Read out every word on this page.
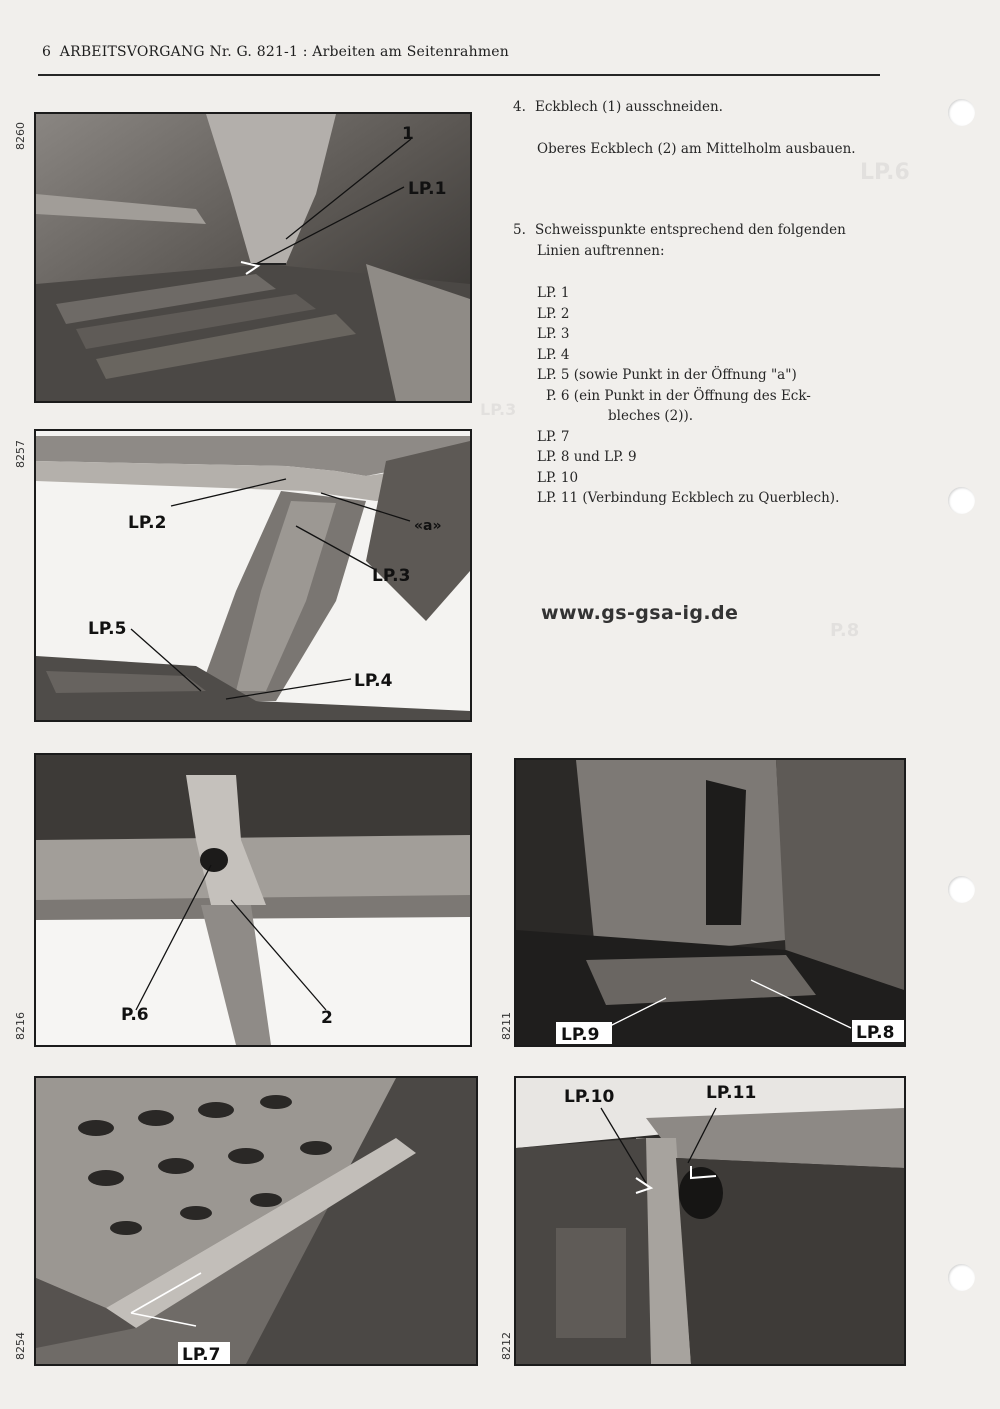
6 ARBEITSVORGANG Nr. G. 821-1 : Arbeiten am Seitenrahmen
LP.6
LP.3
P.8
8260	1
LP.1
8257
LP.2	«a»
LP.3
LP.5
LP.4
8216	P.6	2	8211	LP.9	LP.8
8254	LP.7	8212
LP.10	LP.11
4. Eckblech (1) ausschneiden.
Oberes Eckblech (2) am Mittelholm ausbauen.
5. Schweisspunkte entsprechend den folgenden
Linien auftrennen:
LP. 1
LP. 2
LP. 3
LP. 4
LP. 5 (sowie Punkt in der Öffnung "a")
P. 6 (ein Punkt in der Öffnung des Eck-
bleches (2)).
LP. 7
LP. 8 und LP. 9
LP. 10
LP. 11 (Verbindung Eckblech zu Querblech).
www.gs-gsa-ig.de
